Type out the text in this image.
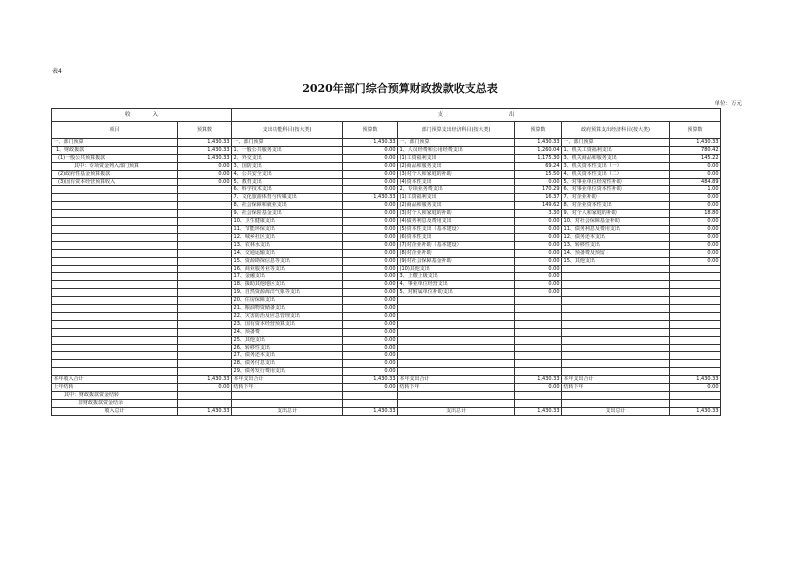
表4
2020年部门综合预算财政拨款收支总表
单位：万元
收　　　　入		支　　　　　　　　　　　　出					
项目	预算数	支出功能科目(按大类)	预算数	部门预算支出经济科目(按大类)	预算数	政府预算支出经济科目(按大类)	预算数
一、部门预算	1,430.33	一、部门预算	1,430.33	一、部门预算	1,430.33	一、部门预算	1,430.33
1、财政拨款	1,430.33	1、一般公共服务支出	0.00	1、人员经费和公用经费支出	1,260.04	1、机关工资福利支出	780.42
(1)一般公共预算拨款	1,430.33	2、外交支出	0.00	(1)工资福利支出	1,175.30	3、机关商品和服务支出	145.22
其中：专项资金列入部门预算	0.00	3、国防支出	0.00	(2)商品和服务支出	69.24	3、机关资本性支出（一）	0.00
(2)政府性基金预算拨款	0.00	4、公共安全支出	0.00	(3)对个人和家庭的补助	15.50	4、机关资本性支出（二）	0.00
(3)国有资本经营预算收入	0.00	5、教育支出	0.00	(4)资本性支出	0.00	5、对事业单位经常性补助	484.89
		6、科学技术支出	0.00	2、专项业务费支出	170.29	6、对事业单位资本性补助	1.00
		7、文化旅游体育与传媒支出	1,430.33	(1)工资福利支出	16.37	7、对企业补助	0.00
		8、社会保障和就业支出	0.00	(2)商品和服务支出	149.62	8、对企业资本性支出	0.00
		9、社会保险基金支出	0.00	(3)对个人和家庭的补助	3.30	9、对个人和家庭的补助	18.80
		10、卫生健康支出	0.00	(4)债务利息及费用支出	0.00	10、对社会保障基金补助	0.00
		11、节能环保支出	0.00	(5)资本性支出（基本建设）	0.00	11、债务利息及费用支出	0.00
		12、城乡社区支出	0.00	(6)资本性支出	0.00	12、债务还本支出	0.00
		13、农林水支出	0.00	(7)对企业补助（基本建设）	0.00	13、转移性支出	0.00
		14、交通运输支出	0.00	(8)对企业补助	0.00	14、预备费及预留	0.00
		15、资源勘探信息等支出	0.00	(9)对社会保障基金补助	0.00	15、其他支出	0.00
		16、商业服务业等支出	0.00	(10)其他支出	0.00		
		17、金融支出	0.00	3、上缴上级支出	0.00		
		18、援助其他地区支出	0.00	4、事业单位经营支出	0.00		
		19、自然资源海洋气象等支出	0.00	5、对附属单位补助支出	0.00		
		20、住房保障支出	0.00				
		21、粮油物资储备支出	0.00				
		22、灾害防治及应急管理支出	0.00				
		23、国有资本经营预算支出	0.00				
		24、预备费	0.00				
		25、其他支出	0.00				
		26、转移性支出	0.00				
		27、债务还本支出	0.00				
		28、债务付息支出	0.00				
		29、债务发行费用支出	0.00				
本年收入合计	1,430.33	本年支出合计	1,430.33	本年支出合计	1,430.33	本年支出合计	1,430.33
上年结转	0.00	结转下年	0.00	结转下年	0.00	结转下年	0.00
其中：财政拨款资金结转							
非财政拨款资金结余							
收入总计	1,430.33	支出总计	1,430.33	支出总计	1,430.33	支出总计	1,430.33
